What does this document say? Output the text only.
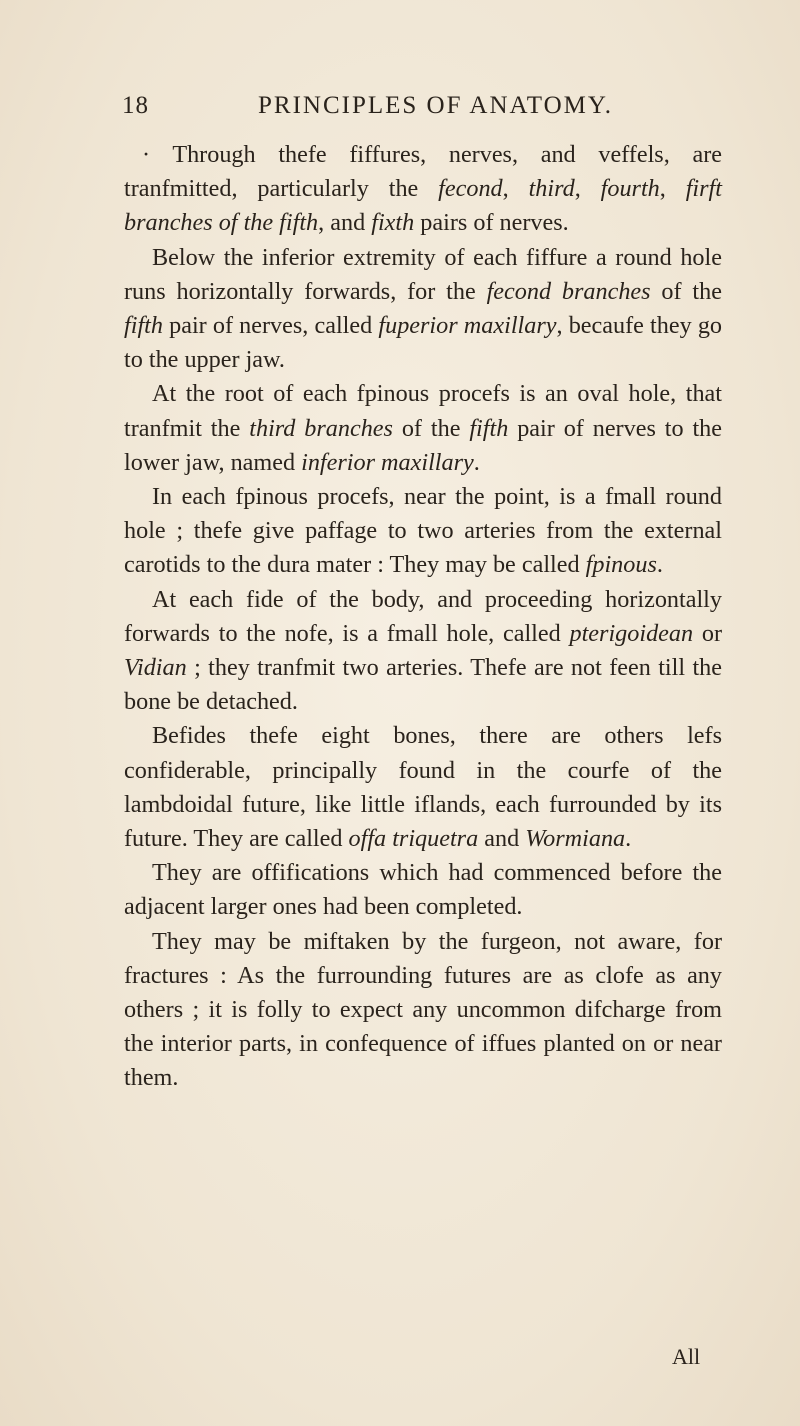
18	PRINCIPLES OF ANATOMY.

· Through thefe fiffures, nerves, and veffels, are tranfmitted, particularly the fecond, third, fourth, firft branches of the fifth, and fixth pairs of nerves.

Below the inferior extremity of each fiffure a round hole runs horizontally forwards, for the fecond branches of the fifth pair of nerves, called fuperior maxillary, becaufe they go to the upper jaw.

At the root of each fpinous procefs is an oval hole, that tranfmit the third branches of the fifth pair of nerves to the lower jaw, named inferior maxillary.

In each fpinous procefs, near the point, is a fmall round hole ; thefe give paffage to two arteries from the external carotids to the dura mater : They may be called fpinous.

At each fide of the body, and proceeding horizontally forwards to the nofe, is a fmall hole, called pterigoidean or Vidian ; they tranfmit two arteries. Thefe are not feen till the bone be detached.

Befides thefe eight bones, there are others lefs confiderable, principally found in the courfe of the lambdoidal future, like little iflands, each furrounded by its future. They are called offa triquetra and Wormiana.

They are offifications which had commenced before the adjacent larger ones had been completed.

They may be miftaken by the furgeon, not aware, for fractures : As the furrounding futures are as clofe as any others ; it is folly to expect any uncommon difcharge from the interior parts, in confequence of iffues planted on or near them.

All
